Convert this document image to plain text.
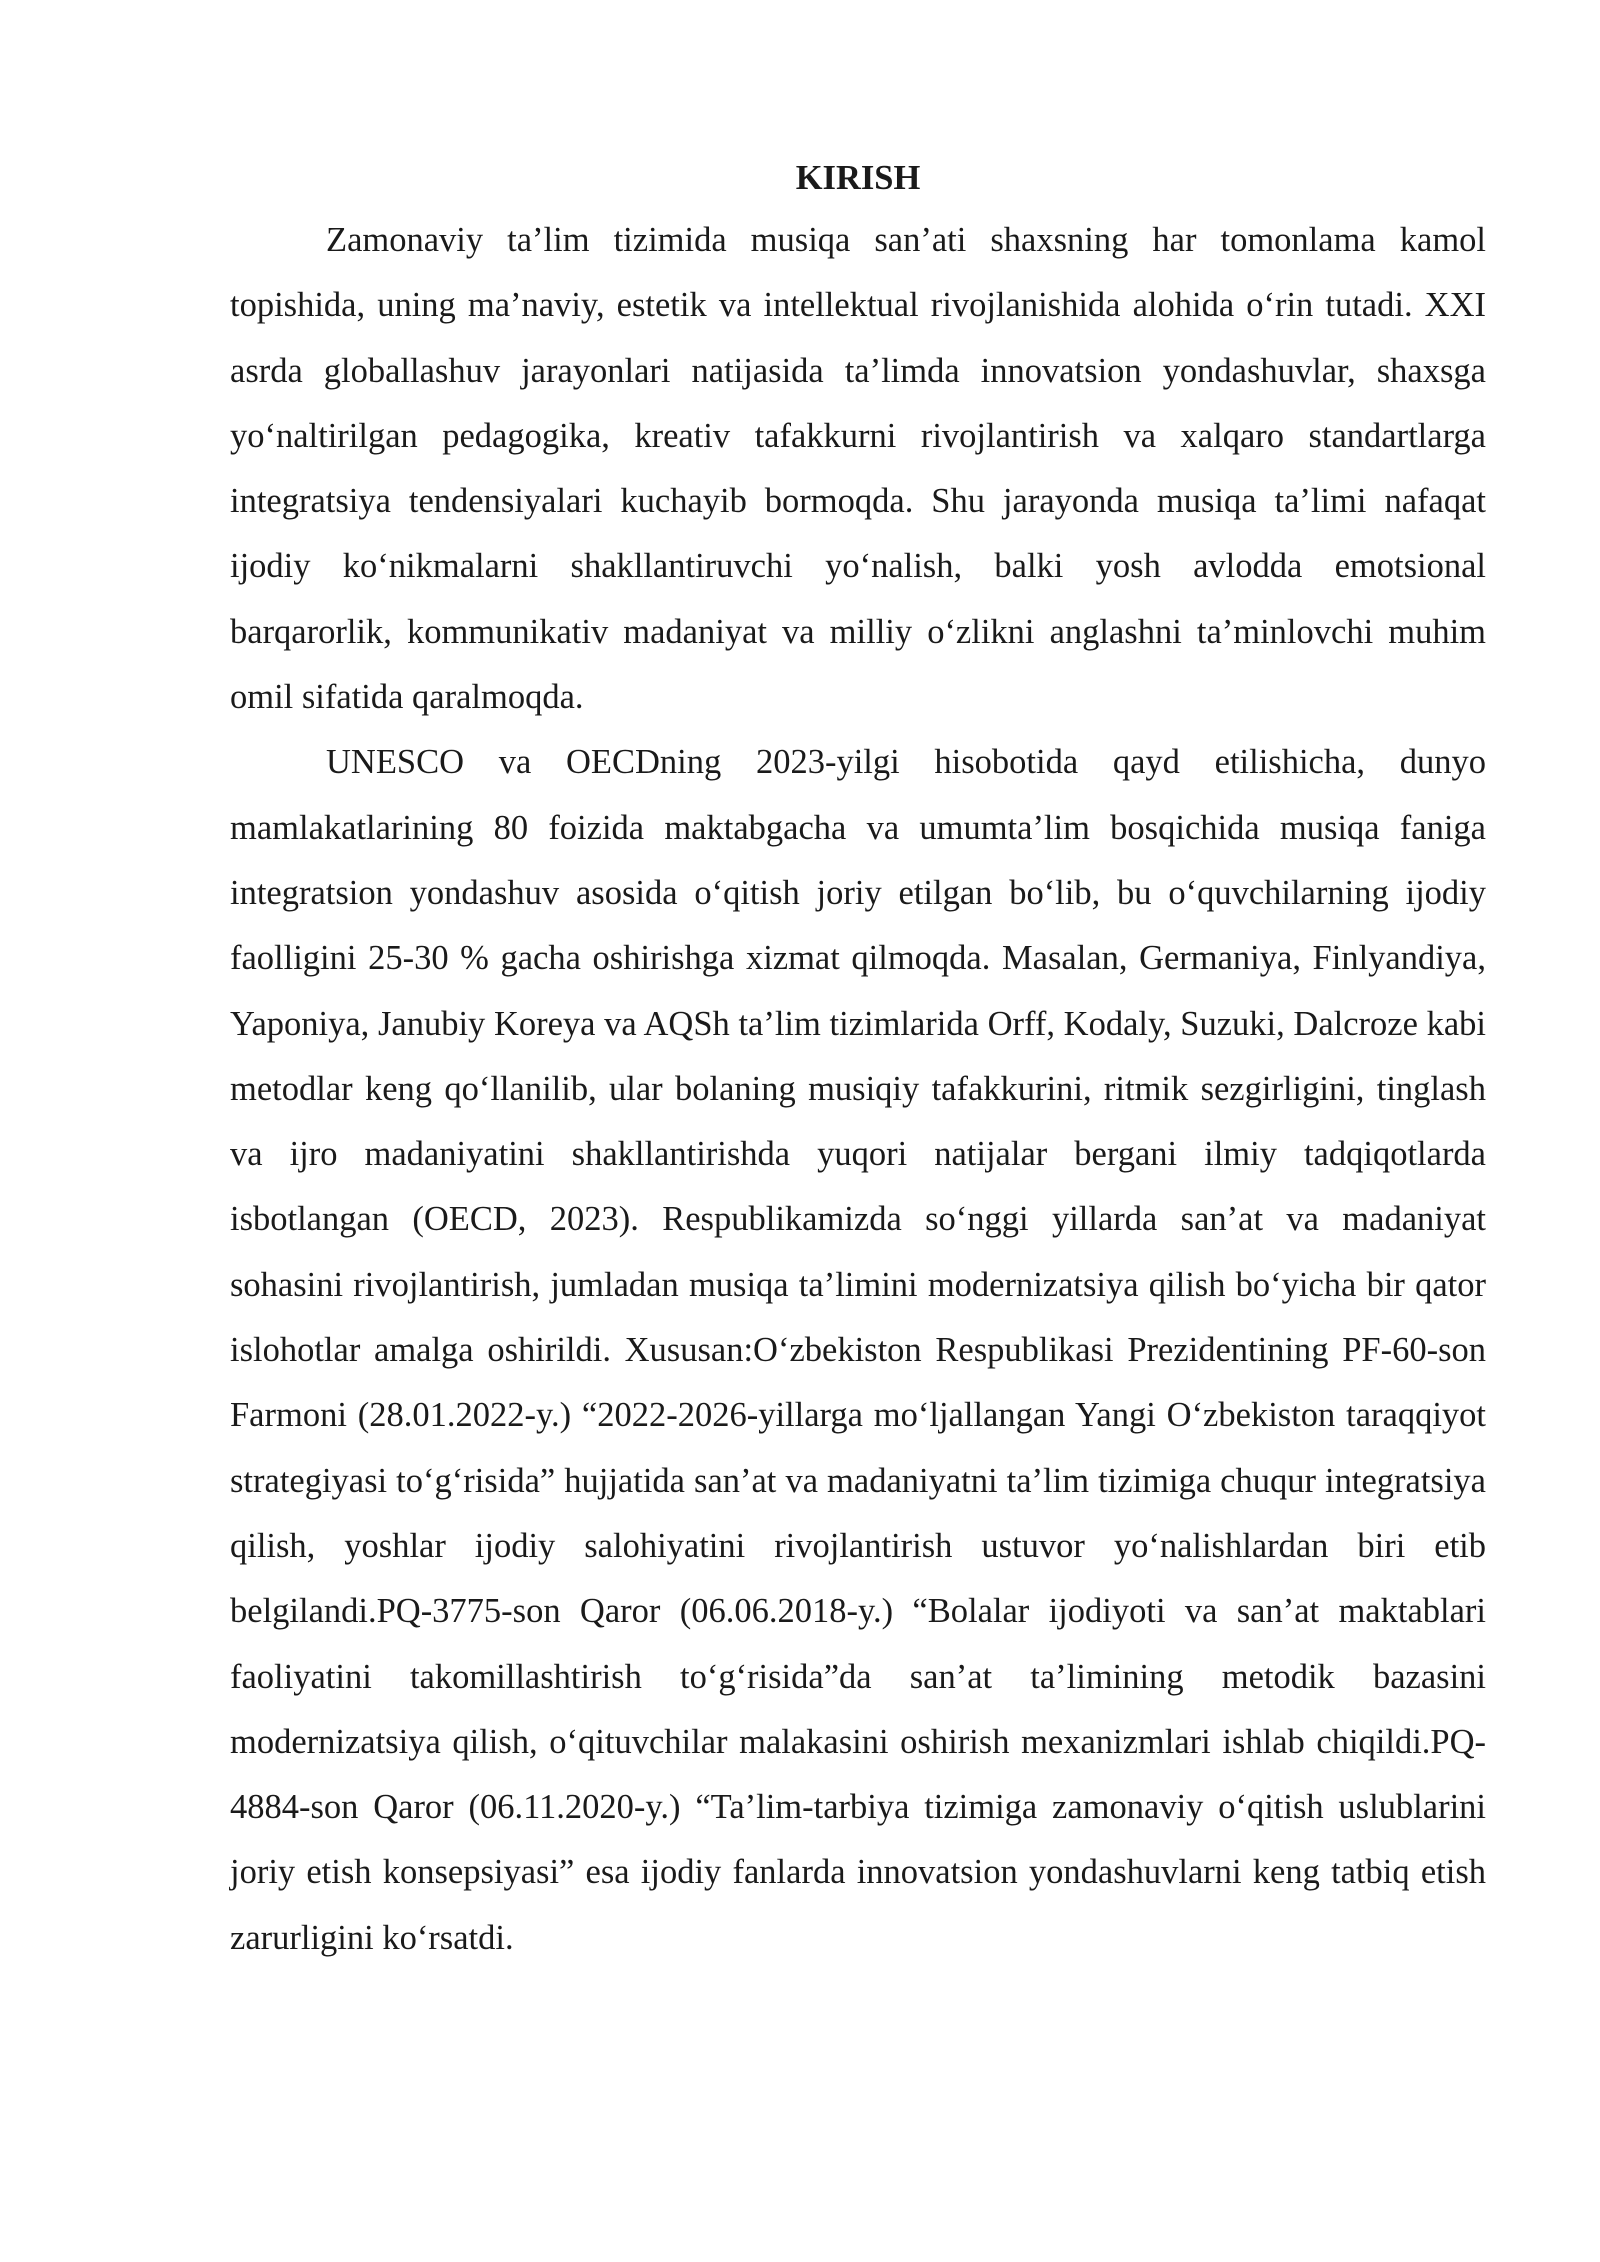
KIRISH

Zamonaviy ta’lim tizimida musiqa san’ati shaxsning har tomonlama kamol topishida, uning ma’naviy, estetik va intellektual rivojlanishida alohida o‘rin tutadi. XXI asrda globallashuv jarayonlari natijasida ta’limda innovatsion yondashuvlar, shaxsga yo‘naltirilgan pedagogika, kreativ tafakkurni rivojlantirish va xalqaro standartlarga integratsiya tendensiyalari kuchayib bormoqda. Shu jarayonda musiqa ta’limi nafaqat ijodiy ko‘nikmalarni shakllantiruvchi yo‘nalish, balki yosh avlodda emotsional barqarorlik, kommunikativ madaniyat va milliy o‘zlikni anglashni ta’minlovchi muhim omil sifatida qaralmoqda.

UNESCO va OECDning 2023-yilgi hisobotida qayd etilishicha, dunyo mamlakatlarining 80 foizida maktabgacha va umumta’lim bosqichida musiqa faniga integratsion yondashuv asosida o‘qitish joriy etilgan bo‘lib, bu o‘quvchilarning ijodiy faolligini 25-30 % gacha oshirishga xizmat qilmoqda. Masalan, Germaniya, Finlyandiya, Yaponiya, Janubiy Koreya va AQSh ta’lim tizimlarida Orff, Kodaly, Suzuki, Dalcroze kabi metodlar keng qo‘llanilib, ular bolaning musiqiy tafakkurini, ritmik sezgirligini, tinglash va ijro madaniyatini shakllantirishda yuqori natijalar bergani ilmiy tadqiqotlarda isbotlangan (OECD, 2023). Respublikamizda so‘nggi yillarda san’at va madaniyat sohasini rivojlantirish, jumladan musiqa ta’limini modernizatsiya qilish bo‘yicha bir qator islohotlar amalga oshirildi. Xususan:O‘zbekiston Respublikasi Prezidentining PF-60-son Farmoni (28.01.2022-y.) “2022-2026-yillarga mo‘ljallangan Yangi O‘zbekiston taraqqiyot strategiyasi to‘g‘risida” hujjatida san’at va madaniyatni ta’lim tizimiga chuqur integratsiya qilish, yoshlar ijodiy salohiyatini rivojlantirish ustuvor yo‘nalishlardan biri etib belgilandi.PQ-3775-son Qaror (06.06.2018-y.) “Bolalar ijodiyoti va san’at maktablari faoliyatini takomillashtirish to‘g‘risida”da san’at ta’limining metodik bazasini modernizatsiya qilish, o‘qituvchilar malakasini oshirish mexanizmlari ishlab chiqildi.PQ-4884-son Qaror (06.11.2020-y.) “Ta’lim-tarbiya tizimiga zamonaviy o‘qitish uslublarini joriy etish konsepsiyasi” esa ijodiy fanlarda innovatsion yondashuvlarni keng tatbiq etish zarurligini ko‘rsatdi.
